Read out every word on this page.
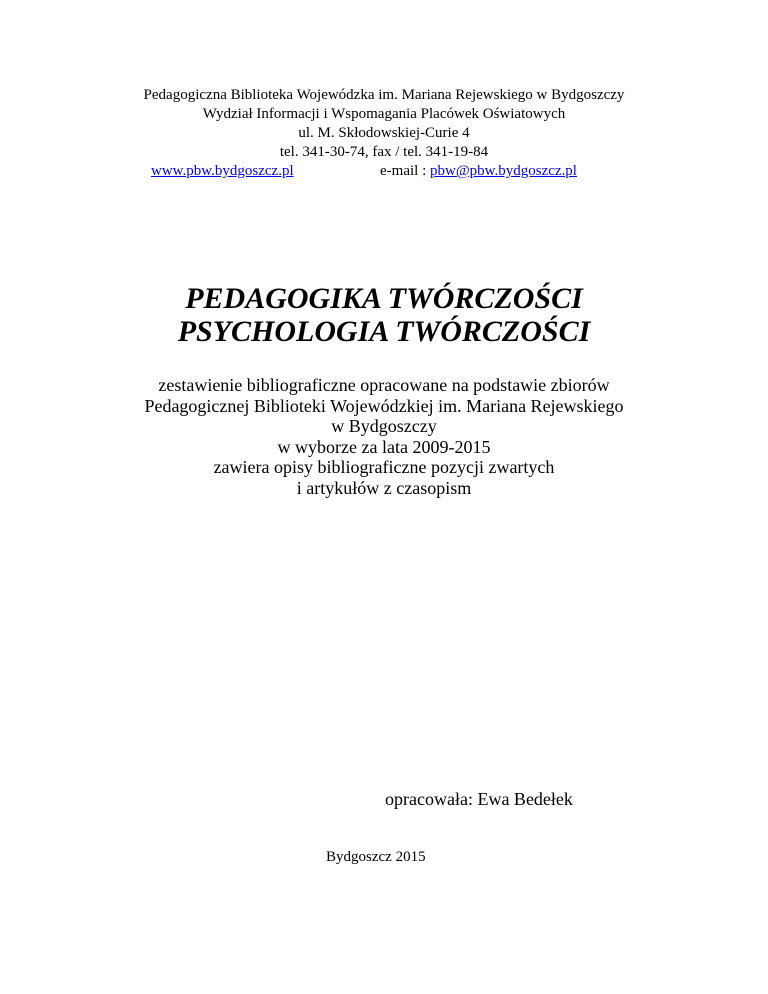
Pedagogiczna Biblioteka Wojewódzka im. Mariana Rejewskiego w Bydgoszczy
Wydział Informacji i Wspomagania Placówek Oświatowych
ul. M. Skłodowskiej-Curie 4
tel. 341-30-74, fax / tel. 341-19-84
www.pbw.bydgoszcz.pl	e-mail : pbw@pbw.bydgoszcz.pl
PEDAGOGIKA TWÓRCZOŚCI
PSYCHOLOGIA TWÓRCZOŚCI
zestawienie bibliograficzne opracowane na podstawie zbiorów
Pedagogicznej Biblioteki Wojewódzkiej im. Mariana Rejewskiego
w Bydgoszczy
w wyborze za lata 2009-2015
zawiera opisy bibliograficzne pozycji zwartych
i artykułów z czasopism
opracowała: Ewa Bedełek
Bydgoszcz 2015
